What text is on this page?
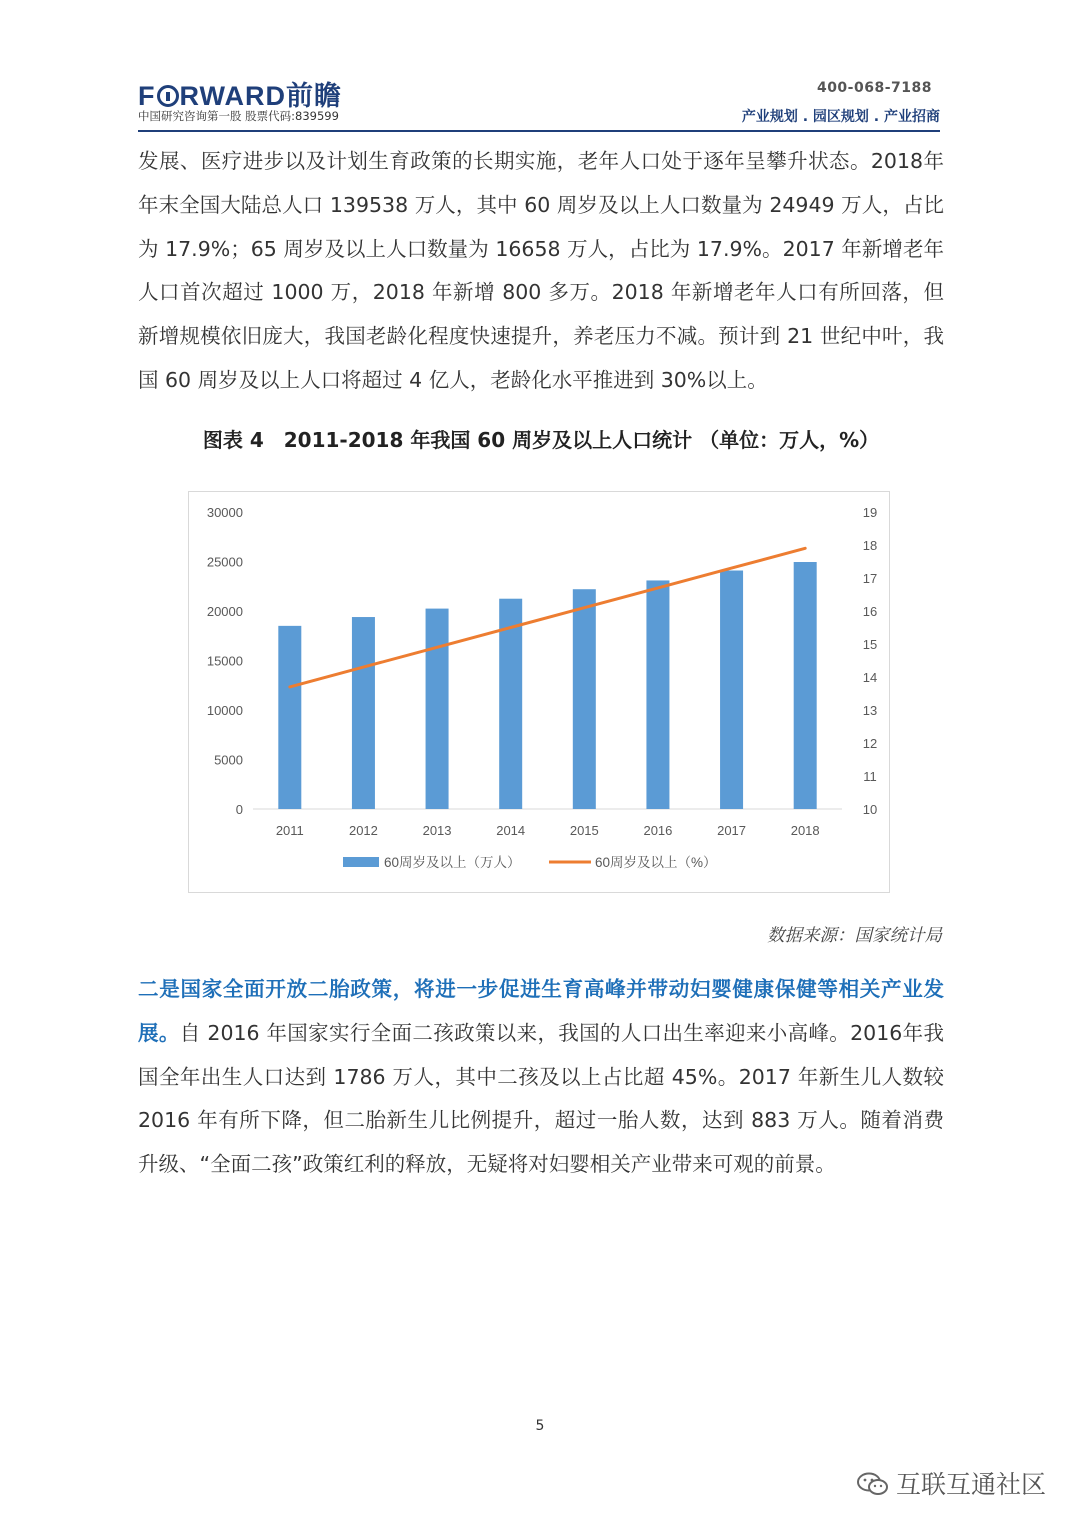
F RWARD前瞻
中国研究咨询第一股 股票代码:839599
400-068-7188
产业规划 . 园区规划 . 产业招商

发展、医疗进步以及计划生育政策的长期实施，老年人口处于逐年呈攀升状态。2018年年末全国大陆总人口 139538 万人，其中 60 周岁及以上人口数量为 24949 万人，占比为 17.9%；65 周岁及以上人口数量为 16658 万人，占比为 17.9%。2017 年新增老年人口首次超过 1000 万，2018 年新增 800 多万。2018 年新增老年人口有所回落，但新增规模依旧庞大，我国老龄化程度快速提升，养老压力不减。预计到 21 世纪中叶，我国 60 周岁及以上人口将超过 4 亿人，老龄化水平推进到 30%以上。

图表 4　2011-2018 年我国 60 周岁及以上人口统计 （单位：万人，%）
0
5000
10000
15000
20000
25000
30000
10
11
12
13
14
15
16
17
18
19
2011	2012	2013	2014	2015	2016	2017	2018
60周岁及以上（万人）	60周岁及以上（%）
数据来源：国家统计局

二是国家全面开放二胎政策，将进一步促进生育高峰并带动妇婴健康保健等相关产业发展。自 2016 年国家实行全面二孩政策以来，我国的人口出生率迎来小高峰。2016年我国全年出生人口达到 1786 万人，其中二孩及以上占比超 45%。2017 年新生儿人数较 2016 年有所下降，但二胎新生儿比例提升，超过一胎人数，达到 883 万人。随着消费升级、“全面二孩”政策红利的释放，无疑将对妇婴相关产业带来可观的前景。

5
互联互通社区
